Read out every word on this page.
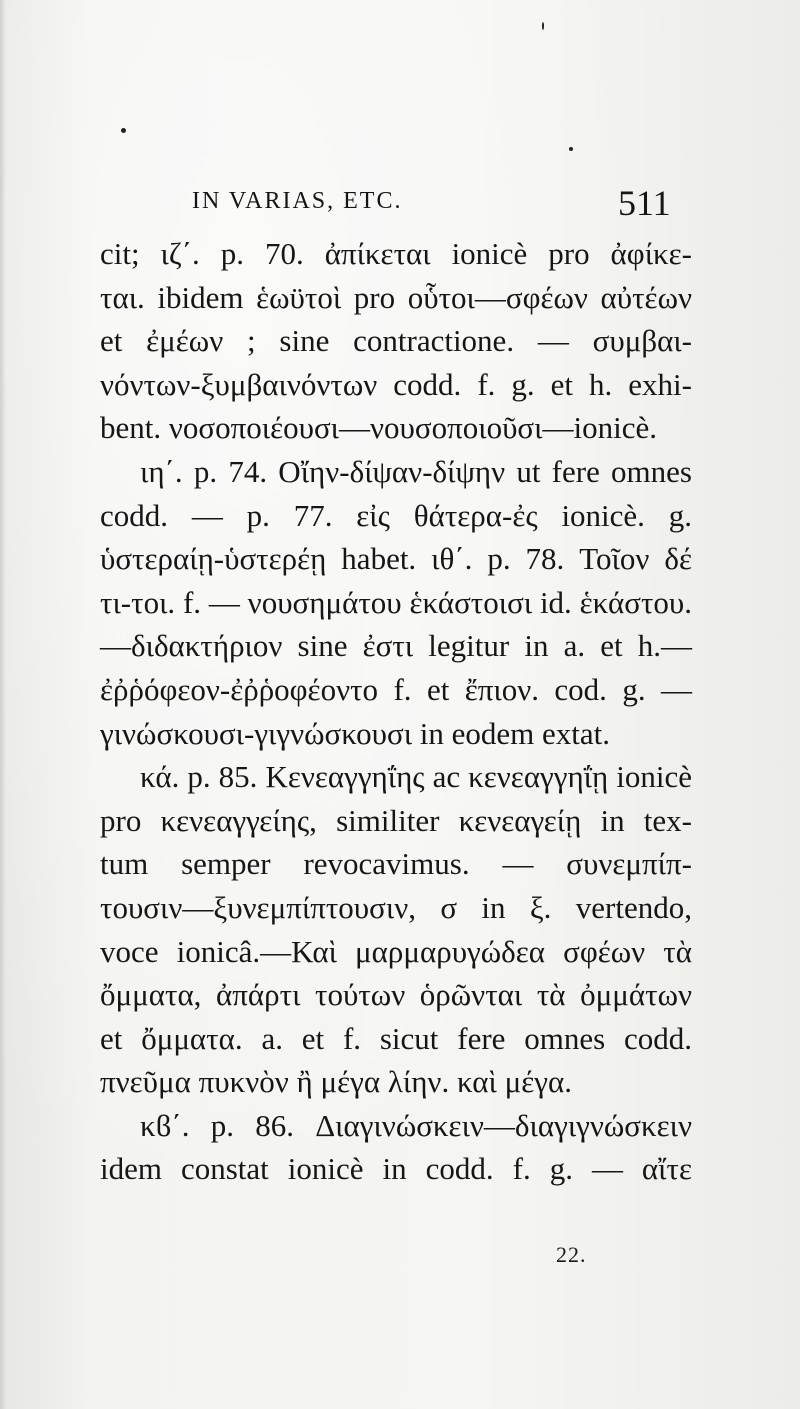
IN VARIAS, ETC.	511
cit; ιζ΄. p. 70. ἀπίκεται ionicè pro ἀφίκε-
ται. ibidem ἑωϋτοὶ pro οὗτοι—σφέων αὐτέων
et ἐμέων ; sine contractione. — συμβαι-
νόντων-ξυμβαινόντων codd. f. g. et h. exhi-
bent. νοσοποιέουσι—νουσοποιοῦσι—ionicè.
ιη΄. p. 74. Οἴην-δίψαν-δίψην ut fere omnes
codd. — p. 77. εἰς θάτερα-ἐς ionicè. g.
ὑστεραίῃ-ὑστερέῃ habet. ιθ΄. p. 78. Τοῖον δέ
τι-τοι. f. — νουσημάτου ἑκάστοισι id. ἑκάστου.
—διδακτήριον sine ἐστι legitur in a. et h.—
ἐῤῥόφεον-ἐῤῥοφέοντο f. et ἔπιον. cod. g. —
γινώσκουσι-γιγνώσκουσι in eodem extat.
κά. p. 85. Κενεαγγηΐης ac κενεαγγηΐῃ ionicè
pro κενεαγγείης, similiter κενεαγείῃ in tex-
tum semper revocavimus. — συνεμπίπ-
τουσιν—ξυνεμπίπτουσιν, σ in ξ. vertendo,
voce ionicâ.—Καὶ μαρμαρυγώδεα σφέων τὰ
ὄμματα, ἀπάρτι τούτων ὁρῶνται τὰ ὀμμάτων
et ὄμματα. a. et f. sicut fere omnes codd.
πνεῦμα πυκνὸν ἢ μέγα λίην. καὶ μέγα.
κϐ΄. p. 86. Διαγινώσκειν—διαγιγνώσκειν
idem constat ionicè in codd. f. g. — αἴτε
22.
